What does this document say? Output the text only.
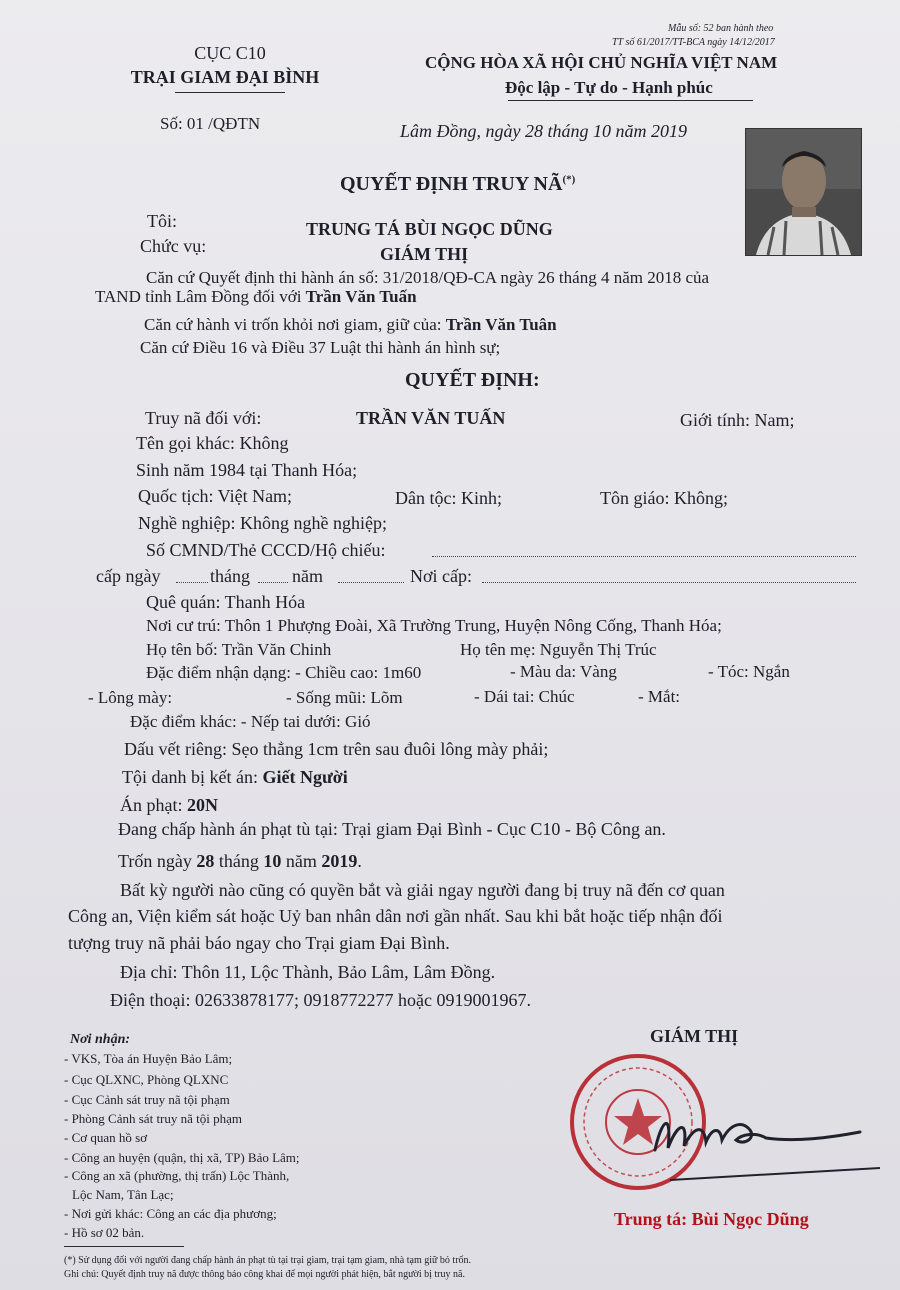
Mẫu số: 52 ban hành theo
TT số 61/2017/TT-BCA ngày 14/12/2017
CỤC C10
TRẠI GIAM ĐẠI BÌNH
Số: 01 /QĐTN
CỘNG HÒA XÃ HỘI CHỦ NGHĨA VIỆT NAM
Độc lập - Tự do - Hạnh phúc
Lâm Đồng, ngày 28 tháng 10 năm 2019
QUYẾT ĐỊNH TRUY NÃ(*)
Tôi:	TRUNG TÁ BÙI NGỌC DŨNG
Chức vụ:	GIÁM THỊ
Căn cứ Quyết định thi hành án số: 31/2018/QĐ-CA ngày 26 tháng 4 năm 2018 của
TAND tỉnh Lâm Đồng đối với Trần Văn Tuấn
Căn cứ hành vi trốn khỏi nơi giam, giữ của: Trần Văn Tuân
Căn cứ Điều 16 và Điều 37 Luật thi hành án hình sự;
QUYẾT ĐỊNH:
Truy nã đối với:	TRẦN VĂN TUẤN	Giới tính: Nam;
Tên gọi khác: Không
Sinh năm 1984 tại Thanh Hóa;
Quốc tịch: Việt Nam;	Dân tộc: Kinh;	Tôn giáo: Không;
Nghề nghiệp: Không nghề nghiệp;
Số CMND/Thẻ CCCD/Hộ chiếu:
cấp ngày	tháng năm	Nơi cấp:
Quê quán: Thanh Hóa
Nơi cư trú: Thôn 1 Phượng Đoài, Xã Trường Trung, Huyện Nông Cống, Thanh Hóa;
Họ tên bố: Trần Văn Chinh	Họ tên mẹ: Nguyễn Thị Trúc
Đặc điểm nhận dạng: - Chiều cao: 1m60	- Màu da: Vàng	- Tóc: Ngắn
- Lông mày:	- Sống mũi: Lõm	- Dái tai: Chúc	- Mắt:
Đặc điểm khác: - Nếp tai dưới: Gió
Dấu vết riêng: Sẹo thẳng 1cm trên sau đuôi lông mày phải;
Tội danh bị kết án: Giết Người
Án phạt: 20N
Đang chấp hành án phạt tù tại: Trại giam Đại Bình - Cục C10 - Bộ Công an.
Trốn ngày 28 tháng 10 năm 2019.
Bất kỳ người nào cũng có quyền bắt và giải ngay người đang bị truy nã đến cơ quan
Công an, Viện kiểm sát hoặc Uỷ ban nhân dân nơi gần nhất. Sau khi bắt hoặc tiếp nhận đối
tượng truy nã phải báo ngay cho Trại giam Đại Bình.
Địa chỉ: Thôn 11, Lộc Thành, Bảo Lâm, Lâm Đồng.
Điện thoại: 02633878177; 0918772277 hoặc 0919001967.
Nơi nhận:
- VKS, Tòa án Huyện Bảo Lâm;
- Cục QLXNC, Phòng QLXNC
- Cục Cảnh sát truy nã tội phạm
- Phòng Cảnh sát truy nã tội phạm
- Cơ quan hồ sơ
- Công an huyện (quận, thị xã, TP) Bảo Lâm;
- Công an xã (phường, thị trấn) Lộc Thành,
Lộc Nam, Tân Lạc;
- Nơi gửi khác: Công an các địa phương;
- Hồ sơ 02 bản.
GIÁM THỊ
Trung tá: Bùi Ngọc Dũng
(*) Sử dụng đối với người đang chấp hành án phạt tù tại trại giam, trại tạm giam, nhà tạm giữ bỏ trốn.
Ghi chú: Quyết định truy nã được thông báo công khai để mọi người phát hiện, bắt người bị truy nã.
